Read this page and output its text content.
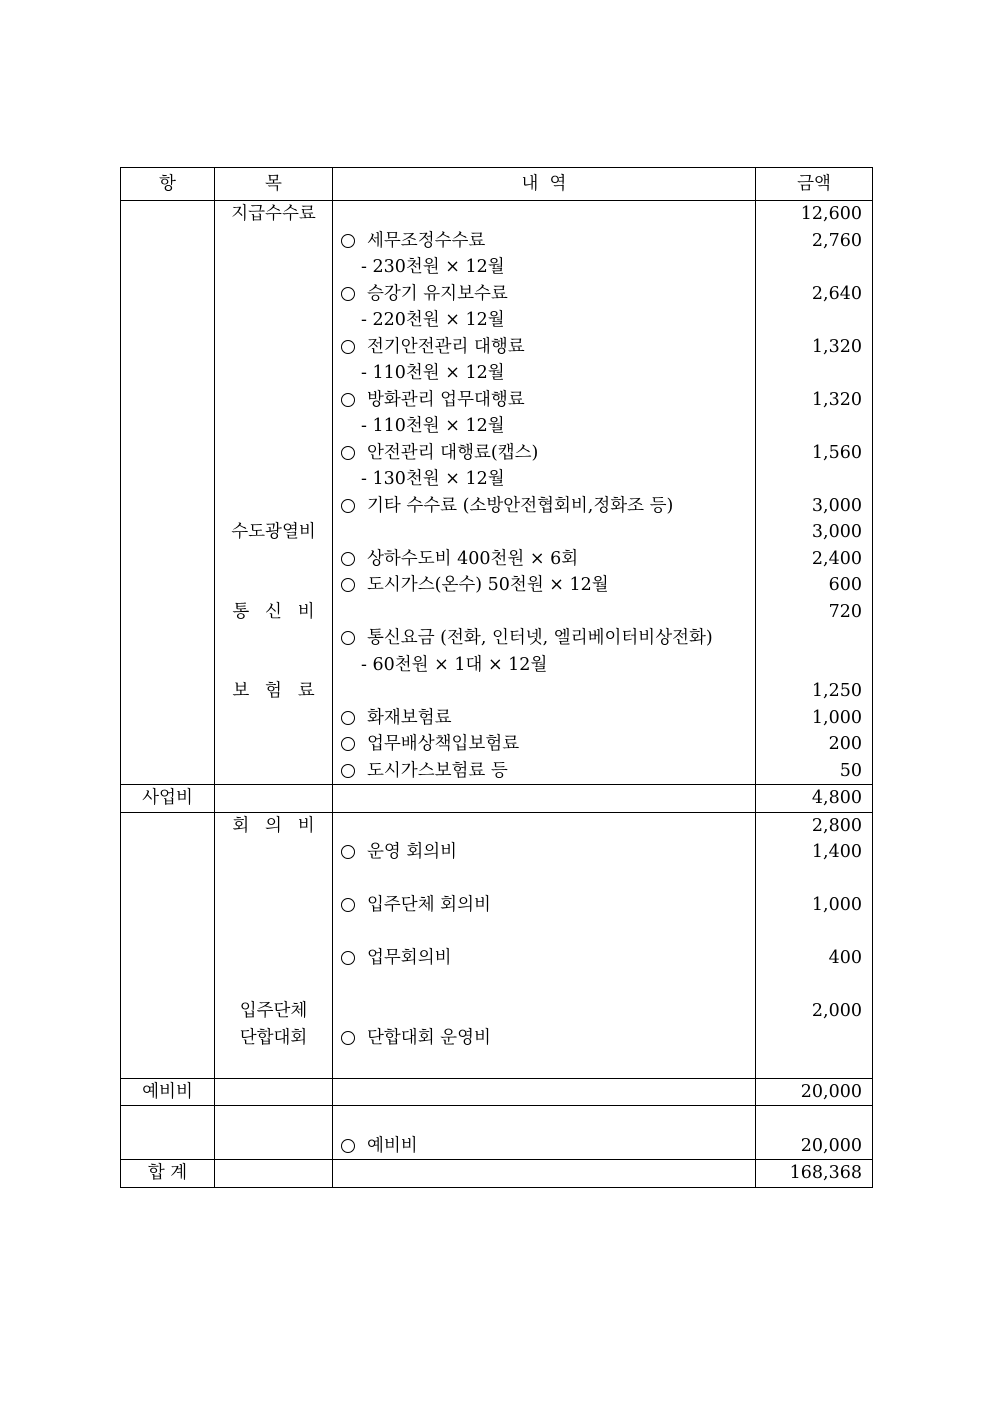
항	목	내  역	금액
	지급수수료		12,600
		세무조정수수료	2,760
		- 230천원 × 12월	
		승강기 유지보수료	2,640
		- 220천원 × 12월	
		전기안전관리 대행료	1,320
		- 110천원 × 12월	
		방화관리 업무대행료	1,320
		- 110천원 × 12월	
		안전관리 대행료(캡스)	1,560
		- 130천원 × 12월	
		기타 수수료 (소방안전협회비,정화조 등)	3,000
	수도광열비		3,000
		상하수도비 400천원 × 6회	2,400
		도시가스(온수) 50천원 × 12월	600
	통신비		720
		통신요금 (전화, 인터넷, 엘리베이터비상전화)	
		- 60천원 × 1대 × 12월	
	보험료		1,250
		화재보험료	1,000
		업무배상책입보험료	200
		도시가스보험료 등	50
사업비			4,800
	회의비		2,800
		운영 회의비	1,400

		입주단체 회의비	1,000

		업무회의비	400

	입주단체		2,000
	단합대회	단합대회 운영비	

예비비			20,000

		예비비	20,000
합 계			168,368
